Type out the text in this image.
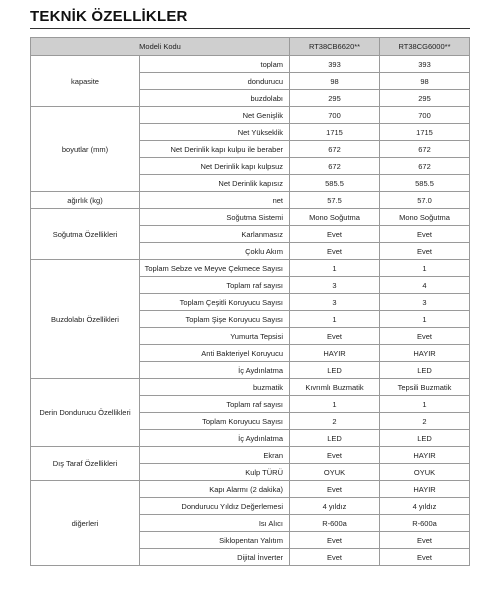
TEKNİK ÖZELLİKLER
Modeli Kodu		RT38CB6620**	RT38CG6000**
kapasite	toplam	393	393
	dondurucu	98	98
	buzdolabı	295	295
boyutlar (mm)	Net Genişlik	700	700
	Net Yükseklik	1715	1715
	Net Derinlik kapı kulpu ile beraber	672	672
	Net Derinlik kapı kulpsuz	672	672
	Net Derinlik kapısız	585.5	585.5
ağırlık (kg)	net	57.5	57.0
Soğutma Özellikleri	Soğutma Sistemi	Mono Soğutma	Mono Soğutma
	Karlanmasız	Evet	Evet
	Çoklu Akım	Evet	Evet
Buzdolabı Özellikleri	Toplam Sebze ve Meyve Çekmece Sayısı	1	1
	Toplam raf sayısı	3	4
	Toplam Çeşitli Koruyucu Sayısı	3	3
	Toplam Şişe Koruyucu Sayısı	1	1
	Yumurta Tepsisi	Evet	Evet
	Anti Bakteriyel Koruyucu	HAYIR	HAYIR
	İç Aydınlatma	LED	LED
Derin Dondurucu Özellikleri	buzmatik	Kıvrımlı Buzmatik	Tepsili Buzmatik
	Toplam raf sayısı	1	1
	Toplam Koruyucu Sayısı	2	2
	İç Aydınlatma	LED	LED
Dış Taraf Özellikleri	Ekran	Evet	HAYIR
	Kulp TÜRÜ	OYUK	OYUK
diğerleri	Kapı Alarmı (2 dakika)	Evet	HAYIR
	Dondurucu Yıldız Değerlemesi	4 yıldız	4 yıldız
	Isı Alıcı	R-600a	R-600a
	Siklopentan Yalıtım	Evet	Evet
	Dijital İnverter	Evet	Evet
